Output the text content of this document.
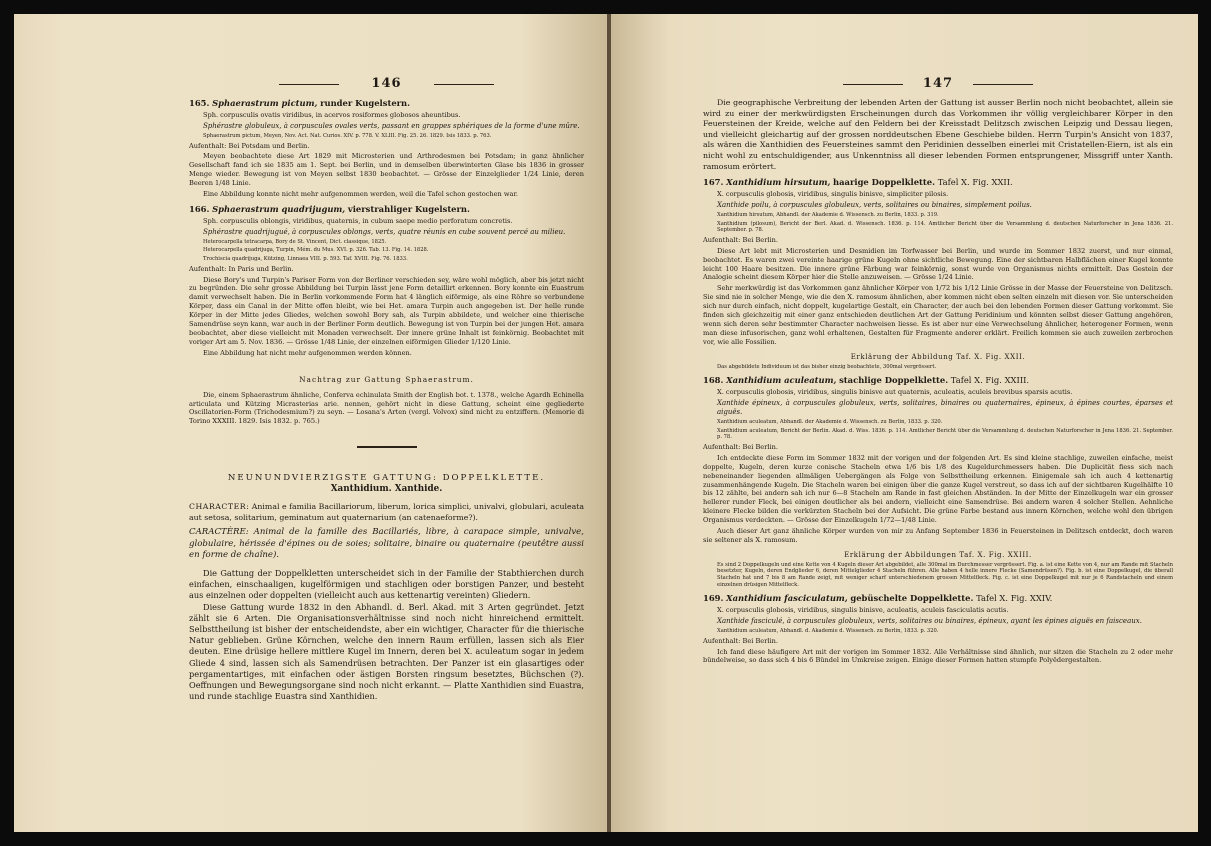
146
165. Sphaerastrum pictum, runder Kugelstern.

Sph. corpusculis ovatis viridibus, in acervos rosiformes globosos aheuntibus.

Sphérastre globuleux, à corpuscules ovales verts, passant en grappes sphériques de la forme d'une mûre.

Sphaerastrum pictum, Meyen, Nov. Act. Nat. Curios. XIV. p. 778. V. XLIII. Fig. 25. 26. 1829. Isis 1833. p. 763.

Aufenthalt: Bei Potsdam und Berlin.

Meyen beobachtete diese Art 1829 mit Microsterien und Arthrodesmen bei Potsdam; in ganz ähnlicher Gesellschaft fand ich sie 1835 am 1. Sept. bei Berlin, und in demselben überwinterten Glase bis 1836 in grosser Menge wieder. Bewegung ist von Meyen selbst 1830 beobachtet. — Grösse der Einzelglieder 1/24 Linie, deren Beeren 1/48 Linie.

Eine Abbildung konnte nicht mehr aufgenommen werden, weil die Tafel schon gestochen war.

166. Sphaerastrum quadrijugum, vierstrahliger Kugelstern.

Sph. corpusculis oblongis, viridibus, quaternis, in cubum saepe medio perforatum concretis.

Sphérastre quadrijugué, à corpuscules oblongs, verts, quatre réunis en cube souvent percé au milieu.

Heterocarpella tetracarpa, Bory de St. Vincent, Dict. classique, 1825.

Heterocarpella quadrijuga, Turpin, Mém. du Mus. XVI. p. 326. Tab. 13. Fig. 14. 1828.

Trochiscia quadrijuga, Kützing, Linnaea VIII. p. 593. Taf. XVIII. Fig. 76. 1833.

Aufenthalt: In Paris und Berlin.

Diese Bory's und Turpin's Pariser Form von der Berliner verschieden sey, wäre wohl möglich, aber bis jetzt nicht zu begründen. Die sehr grosse Abbildung bei Turpin lässt jene Form detaillirt erkennen. Bory konnte ein Euastrum damit verwechselt haben. Die in Berlin vorkommende Form hat 4 länglich eiförmige, als eine Röhre so verbundene Körper, dass ein Canal in der Mitte offen bleibt, wie bei Het. amara Turpin auch angegeben ist. Der helle runde Körper in der Mitte jedes Gliedes, welchen sowohl Bory sah, als Turpin abbildete, und welcher eine thierische Samendrüse seyn kann, war auch in der Berliner Form deutlich. Bewegung ist von Turpin bei der jungen Het. amara beobachtet, aber diese vielleicht mit Monaden verwechselt. Der innere grüne Inhalt ist feinkörnig. Beobachtet mit voriger Art am 5. Nov. 1836. — Grösse 1/48 Linie, der einzelnen eiförmigen Glieder 1/120 Linie.

Eine Abbildung hat nicht mehr aufgenommen werden können.

Nachtrag zur Gattung Sphaerastrum.

Die, einem Sphaerastrum ähnliche, Conferva echinulata Smith der English bot. t. 1378., welche Agardh Echinella articulata und Kützing Micrasterias arie. nennen, gehört nicht in diese Gattung, scheint eine gegliederte Oscillatorien-Form (Trichodesmium?) zu seyn. — Losana's Arten (vergl. Volvox) sind nicht zu entziffern. (Memorie di Torino XXXIII. 1829. Isis 1832. p. 765.)

NEUNUNDVIERZIGSTE GATTUNG: DOPPELKLETTE.
Xanthidium. Xanthide.

CHARACTER: Animal e familia Bacillariorum, liberum, lorica simplici, univalvi, globulari, aculeata aut setosa, solitarium, geminatum aut quaternarium (an catenaeforme?).

CARACTÈRE: Animal de la famille des Bacillariés, libre, à carapace simple, univalve, globulaire, hérissée d'épines ou de soies; solitaire, binaire ou quaternaire (peutêtre aussi en forme de chaîne).

Die Gattung der Doppelkletten unterscheidet sich in der Familie der Stabthierchen durch einfachen, einschaaligen, kugelförmigen und stachligen oder borstigen Panzer, und besteht aus einzelnen oder doppelten (vielleicht auch aus kettenartig vereinten) Gliedern.

Diese Gattung wurde 1832 in den Abhandl. d. Berl. Akad. mit 3 Arten gegründet. Jetzt zählt sie 6 Arten. Die Organisationsverhältnisse sind noch nicht hinreichend ermittelt. Selbsttheilung ist bisher der entscheidendste, aber ein wichtiger, Character für die thierische Natur geblieben. Grüne Körnchen, welche den innern Raum erfüllen, lassen sich als Eier deuten. Eine drüsige hellere mittlere Kugel im Innern, deren bei X. aculeatum sogar in jedem Gliede 4 sind, lassen sich als Samendrüsen betrachten. Der Panzer ist ein glasartiges oder pergamentartiges, mit einfachen oder ästigen Borsten ringsum besetztes, Büchschen (?). Oeffnungen und Bewegungsorgane sind noch nicht erkannt. — Platte Xanthidien sind Euastra, und runde stachlige Euastra sind Xanthidien.

147

Die geographische Verbreitung der lebenden Arten der Gattung ist ausser Berlin noch nicht beobachtet, allein sie wird zu einer der merkwürdigsten Erscheinungen durch das Vorkommen ihr völlig vergleichbarer Körper in den Feuersteinen der Kreide, welche auf den Feldern bei der Kreisstadt Delitzsch zwischen Leipzig und Dessau liegen, und vielleicht gleichartig auf der grossen norddeutschen Ebene Geschiebe bilden. Herrn Turpin's Ansicht von 1837, als wären die Xanthidien des Feuersteines sammt den Peridinien desselben einerlei mit Cristatellen-Eiern, ist als ein nicht wohl zu entschuldigender, aus Unkenntniss all dieser lebenden Formen entsprungener, Missgriff unter Xanth. ramosum erörtert.

167. Xanthidium hirsutum, haarige Doppelklette. Tafel X. Fig. XXII.

X. corpusculis globosis, viridibus, singulis binisve, simpliciter pilosis.

Xanthide poilu, à corpuscules globuleux, verts, solitaires ou binaires, simplement poilus.

Xanthidium hirsutum, Abhandl. der Akademie d. Wissensch. zu Berlin, 1833. p. 319.

Xanthidium (pilosum), Bericht der Berl. Akad. d. Wissensch. 1836. p. 114. Amtlicher Bericht über die Versammlung d. deutschen Naturforscher in Jena 1836. 21. September. p. 78.

Aufenthalt: Bei Berlin.

Diese Art lebt mit Microsterien und Desmidien im Torfwasser bei Berlin, und wurde im Sommer 1832 zuerst, und nur einmal, beobachtet. Es waren zwei vereinte haarige grüne Kugeln ohne sichtliche Bewegung. Eine der sichtbaren Halbflächen einer Kugel konnte leicht 100 Haare besitzen. Die innere grüne Färbung war feinkörnig, sonst wurde von Organismus nichts ermittelt. Das Gestein der Analogie scheint diesem Körper hier die Stelle anzuweisen. — Grösse 1/24 Linie.

Sehr merkwürdig ist das Vorkommen ganz ähnlicher Körper von 1/72 bis 1/12 Linie Grösse in der Masse der Feuersteine von Delitzsch. Sie sind nie in solcher Menge, wie die den X. ramosum ähnlichen, aber kommen nicht eben selten einzeln mit diesen vor. Sie unterscheiden sich nur durch einfach, nicht doppelt, kugelartige Gestalt, ein Character, der auch bei den lebenden Formen dieser Gattung vorkommt. Sie finden sich gleichzeitig mit einer ganz entschieden deutlichen Art der Gattung Peridinium und könnten selbst dieser Gattung angehören, wenn sich deren sehr bestimmter Character nachweisen liesse. Es ist aber nur eine Verwechselung ähnlicher, heterogener Formen, wenn man diese infusorischen, ganz wohl erhaltenen, Gestalten für Fragmente anderer erklärt. Freilich kommen sie auch zuweilen zerbrochen vor, wie alle Fossilien.

Erklärung der Abbildung Taf. X. Fig. XXII.

Das abgebildete Individuum ist das bisher einzig beobachtete, 300mal vergrössert.

168. Xanthidium aculeatum, stachlige Doppelklette. Tafel X. Fig. XXIII.

X. corpusculis globosis, viridibus, singulis binisve aut quaternis, aculeatis, aculeis brevibus sparsis acutis.

Xanthide épineux, à corpuscules globuleux, verts, solitaires, binaires ou quaternaires, épineux, à épines courtes, éparses et aiguës.

Xanthidium aculeatum, Abhandl. der Akademie d. Wissensch. zu Berlin, 1833. p. 320.

Xanthidium aculeatum, Bericht der Berlin. Akad. d. Wiss. 1836. p. 114. Amtlicher Bericht über die Versammlung d. deutschen Naturforscher in Jena 1836. 21. September. p. 78.

Aufenthalt: Bei Berlin.

Ich entdeckte diese Form im Sommer 1832 mit der vorigen und der folgenden Art. Es sind kleine stachlige, zuweilen einfache, meist doppelte, Kugeln, deren kurze conische Stacheln etwa 1/6 bis 1/8 des Kugeldurchmessers haben. Die Duplicität fiess sich nach nebeneinander liegenden allmäligen Uebergängen als Folge von Selbsttheilung erkennen. Einigemale sah ich auch 4 kettenartig zusammenhängende Kugeln. Die Stacheln waren bei einigen über die ganze Kugel verstreut, so dass ich auf der sichtbaren Kugelhälfte 10 bis 12 zählte, bei andern sah ich nur 6—8 Stacheln am Rande in fast gleichen Abständen. In der Mitte der Einzelkugeln war ein grosser hellerer runder Fleck, bei einigen deutlicher als bei andern, vielleicht eine Samendrüse. Bei andern waren 4 solcher Stellen. Aehnliche kleinere Flecke bilden die verkürzten Stacheln bei der Aufsicht. Die grüne Farbe bestand aus innern Körnchen, welche wohl den übrigen Organismus verdeckten. — Grösse der Einzelkugeln 1/72—1/48 Linie.

Auch dieser Art ganz ähnliche Körper wurden von mir zu Anfang September 1836 in Feuersteinen in Delitzsch entdeckt, doch waren sie seltener als X. ramosum.

Erklärung der Abbildungen Taf. X. Fig. XXIII.

Es sind 2 Doppelkugeln und eine Kette von 4 Kugeln dieser Art abgebildet, alle 300mal im Durchmesser vergrössert. Fig. a. ist eine Kette von 4, nur am Rande mit Stacheln besetzter, Kugeln, deren Endglieder 6, deren Mittelglieder 4 Stacheln führen. Alle haben 4 helle innere Flecke (Samendrüsen?). Fig. b. ist eine Doppelkugel, die überall Stacheln hat und 7 bis 8 am Rande zeigt, mit weniger scharf unterschiedenem grossen Mittelfleck. Fig. c. ist eine Doppelkugel mit nur je 6 Randstacheln und einem einzelnen drüsigen Mittelfleck.

169. Xanthidium fasciculatum, gebüschelte Doppelklette. Tafel X. Fig. XXIV.

X. corpusculis globosis, viridibus, singulis binisve, aculeatis, aculeis fasciculatis acutis.

Xanthide fasciculé, à corpuscules globuleux, verts, solitaires ou binaires, épineux, ayant les épines aiguës en faisceaux.

Xanthidium aculeatum, Abhandl. d. Akademie d. Wissensch. zu Berlin, 1833. p. 320.

Aufenthalt: Bei Berlin.

Ich fand diese häufigere Art mit der vorigen im Sommer 1832. Alle Verhältnisse sind ähnlich, nur sitzen die Stacheln zu 2 oder mehr bündelweise, so dass sich 4 bis 6 Bündel im Umkreise zeigen. Einige dieser Formen hatten stumpfe Polyëdergestalten.
